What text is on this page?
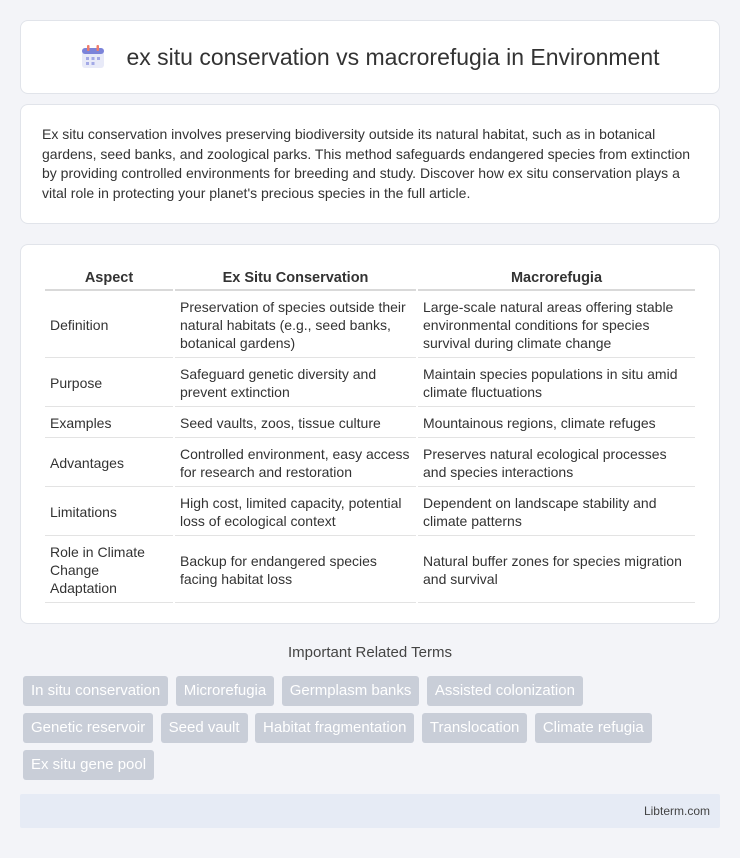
ex situ conservation vs macrorefugia in Environment

Ex situ conservation involves preserving biodiversity outside its natural habitat, such as in botanical gardens, seed banks, and zoological parks. This method safeguards endangered species from extinction by providing controlled environments for breeding and study. Discover how ex situ conservation plays a vital role in protecting your planet's precious species in the full article.

Aspect	Ex Situ Conservation	Macrorefugia
Definition	Preservation of species outside their natural habitats (e.g., seed banks, botanical gardens)	Large-scale natural areas offering stable environmental conditions for species survival during climate change
Purpose	Safeguard genetic diversity and prevent extinction	Maintain species populations in situ amid climate fluctuations
Examples	Seed vaults, zoos, tissue culture	Mountainous regions, climate refuges
Advantages	Controlled environment, easy access for research and restoration	Preserves natural ecological processes and species interactions
Limitations	High cost, limited capacity, potential loss of ecological context	Dependent on landscape stability and climate patterns
Role in Climate Change Adaptation	Backup for endangered species facing habitat loss	Natural buffer zones for species migration and survival
Important Related Terms
In situ conservation Microrefugia Germplasm banks Assisted colonization Genetic reservoir Seed vault Habitat fragmentation Translocation Climate refugia Ex situ gene pool
Libterm.com
